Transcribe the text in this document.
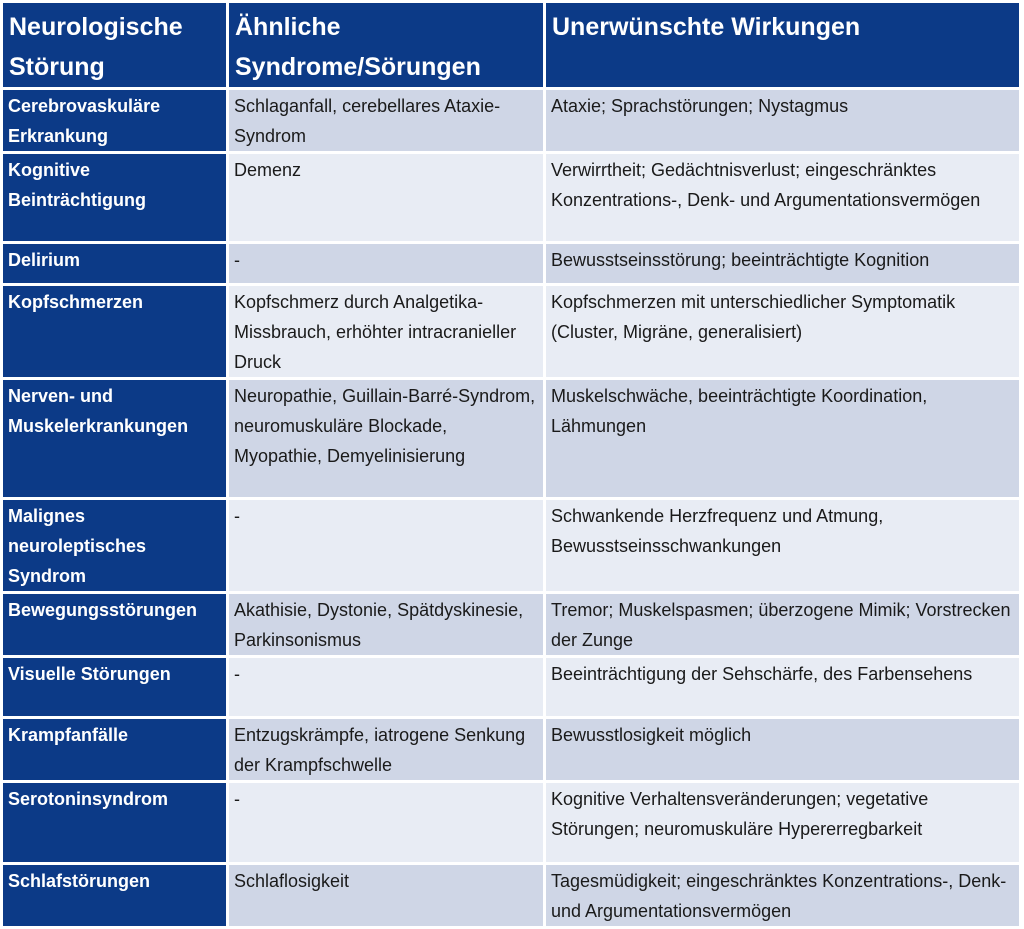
Neurologische Störung	Ähnliche Syndrome/Sörungen	Unerwünschte Wirkungen
Cerebrovaskuläre Erkrankung	Schlaganfall, cerebellares Ataxie-Syndrom	Ataxie; Sprachstörungen; Nystagmus
Kognitive Beinträchtigung	Demenz	Verwirrtheit; Gedächtnisverlust; eingeschränktes Konzentrations-, Denk- und Argumentationsvermögen
Delirium	-	Bewusstseinsstörung; beeinträchtigte Kognition
Kopfschmerzen	Kopfschmerz durch Analgetika-Missbrauch, erhöhter intracranieller Druck	Kopfschmerzen mit unterschiedlicher Symptomatik (Cluster, Migräne, generalisiert)
Nerven- und Muskelerkrankungen	Neuropathie, Guillain-Barré-Syndrom, neuromuskuläre Blockade, Myopathie, Demyelinisierung	Muskelschwäche, beeinträchtigte Koordination, Lähmungen
Malignes neuroleptisches Syndrom	-	Schwankende Herzfrequenz und Atmung, Bewusstseinsschwankungen
Bewegungsstörungen	Akathisie, Dystonie, Spätdyskinesie, Parkinsonismus	Tremor; Muskelspasmen; überzogene Mimik; Vorstrecken der Zunge
Visuelle Störungen	-	Beeinträchtigung der Sehschärfe, des Farbensehens
Krampfanfälle	Entzugskrämpfe, iatrogene Senkung der Krampfschwelle	Bewusstlosigkeit möglich
Serotoninsyndrom	-	Kognitive Verhaltensveränderungen; vegetative Störungen; neuromuskuläre Hypererregbarkeit
Schlafstörungen	Schlaflosigkeit	Tagesmüdigkeit; eingeschränktes Konzentrations-, Denk- und Argumentationsvermögen
